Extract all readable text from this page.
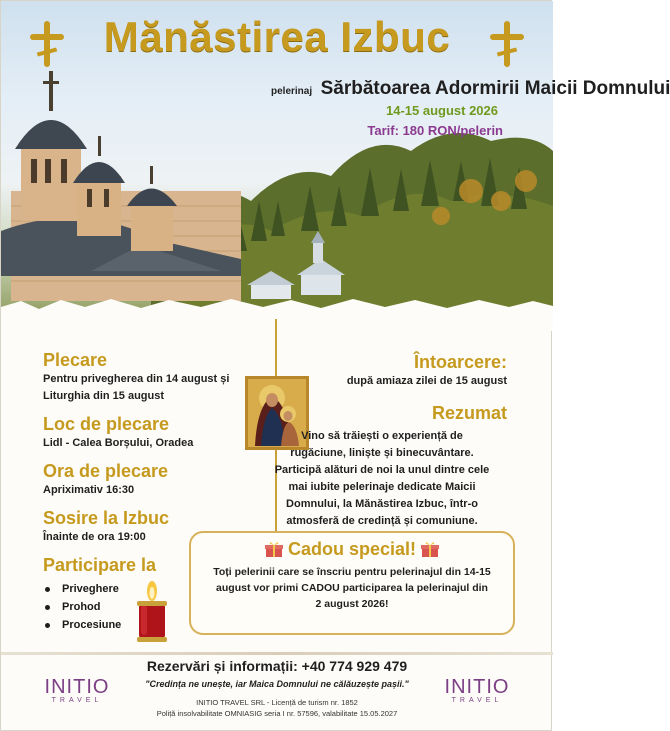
Mănăstirea Izbuc
pelerinaj Sărbătoarea Adormirii Maicii Domnului
14-15 august 2026
Tarif: 180 RON/pelerin
Plecare
Pentru privegherea din 14 august și
Liturghia din 15 august
Loc de plecare
Lidl - Calea Borșului, Oradea
Ora de plecare
Apriximativ 16:30
Sosire la Izbuc
Înainte de ora 19:00
Participare la
Priveghere
Prohod
Procesiune
Întoarcere:
după amiaza zilei de 15 august
Rezumat
Vino să trăiești o experiență de
rugăciune, liniște și binecuvântare.
Participă alături de noi la unul dintre cele
mai iubite pelerinaje dedicate Maicii
Domnului, la Mănăstirea Izbuc, într-o
atmosferă de credință și comuniune.
Cadou special!
Toți pelerinii care se înscriu pentru pelerinajul din 14-15
august vor primi CADOU participarea la pelerinajul din
2 august 2026!
INITIO
TRAVEL
Rezervări și informații: +40 774 929 479
"Credința ne unește, iar Maica Domnului ne călăuzește pașii."
INITIO TRAVEL SRL - Licență de turism nr. 1852
Poliță insolvabilitate OMNIASIG seria I nr. 57596, valabilitate 15.05.2027
INITIO
TRAVEL
